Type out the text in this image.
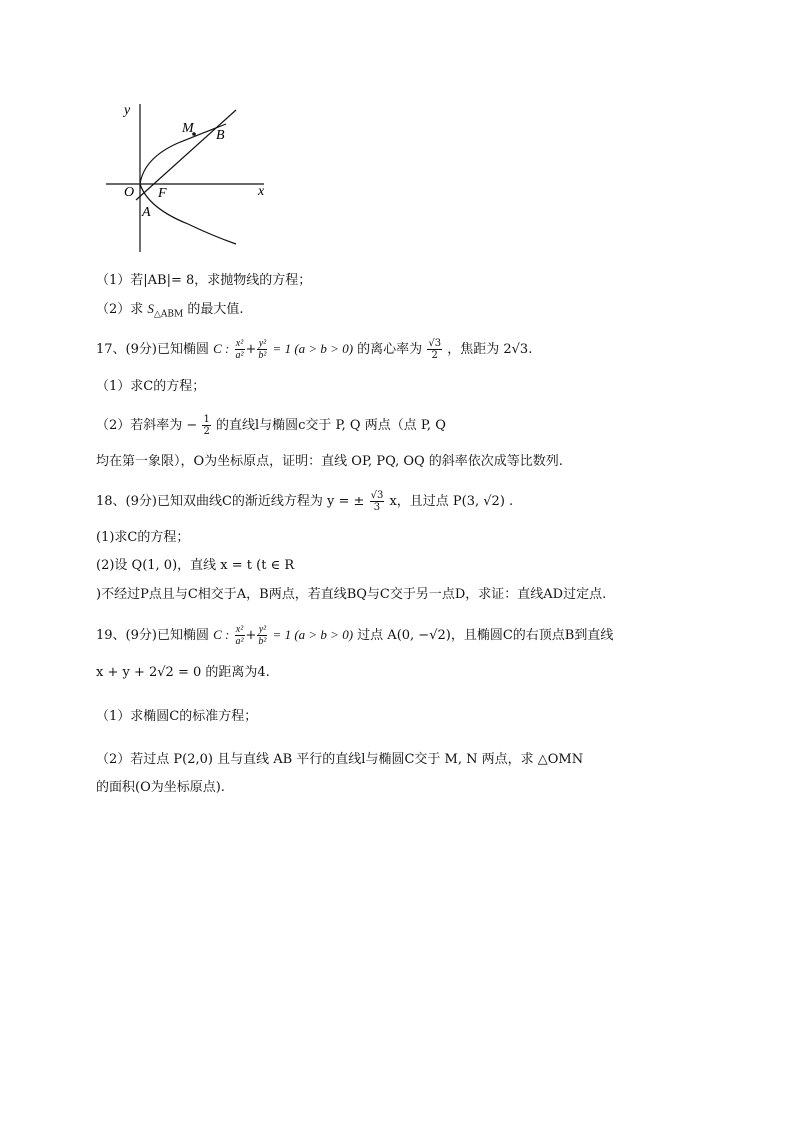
y
x
O F
A
B
M
（1）若|AB|= 8，求抛物线的方程；
（2）求 $S_{\triangle ABM}$ 的最大值.
17、(9分)已知椭圆 C : $\frac{\text{x²}}{\text{a²}} + \frac{\text{y²}}{\text{b²}} = 1$ (a > b > 0) 的离心率为 $\frac{√3}{2}$ ，焦距为 2√3.
（1）求C的方程；
（2）若斜率为 − $\frac{1}{2}$ 的直线l与椭圆c交于 P, Q 两点（点 P, Q
均在第一象限），O为坐标原点，证明：直线 OP, PQ, OQ 的斜率依次成等比数列.
18、(9分)已知双曲线C的渐近线方程为 y = ± $\frac{√3}{3}$ x，且过点 P(3, √2) .
(1)求C的方程；
(2)设 Q(1, 0)，直线 x = t (t ∈ R
)不经过P点且与C相交于A，B两点，若直线BQ与C交于另一点D，求证：直线AD过定点.
19、(9分)已知椭圆 C : $\frac{\text{x²}}{\text{a²}} + \frac{\text{y²}}{\text{b²}} = 1$ (a > b > 0) 过点 A(0, −√2)，且椭圆C的右顶点B到直线
x + y + 2√2 = 0 的距离为4.
（1）求椭圆C的标准方程；
（2）若过点 P(2,0) 且与直线 AB 平行的直线l与椭圆C交于 M, N 两点，求 △OMN
的面积(O为坐标原点).
